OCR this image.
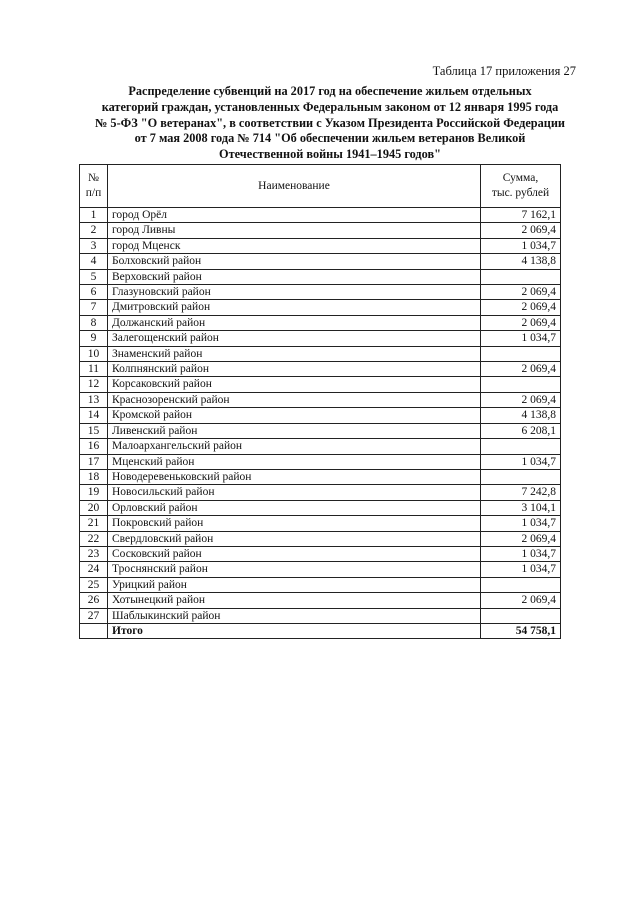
Таблица 17 приложения 27
Распределение субвенций на 2017 год на обеспечение жильем отдельных
категорий граждан, установленных Федеральным законом от 12 января 1995 года
№ 5-ФЗ "О ветеранах", в соответствии с Указом Президента Российской Федерации
от 7 мая 2008 года № 714 "Об обеспечении жильем ветеранов Великой
Отечественной войны 1941–1945 годов"
№
п/п	Наименование	Сумма,
тыс. рублей
1	город Орёл	7 162,1
2	город Ливны	2 069,4
3	город Мценск	1 034,7
4	Болховский район	4 138,8
5	Верховский район	
6	Глазуновский район	2 069,4
7	Дмитровский район	2 069,4
8	Должанский район	2 069,4
9	Залегощенский район	1 034,7
10	Знаменский район	
11	Колпнянский район	2 069,4
12	Корсаковский район	
13	Краснозоренский район	2 069,4
14	Кромской район	4 138,8
15	Ливенский район	6 208,1
16	Малоархангельский район	
17	Мценский район	1 034,7
18	Новодеревеньковский район	
19	Новосильский район	7 242,8
20	Орловский район	3 104,1
21	Покровский район	1 034,7
22	Свердловский район	2 069,4
23	Сосковский район	1 034,7
24	Троснянский район	1 034,7
25	Урицкий район	
26	Хотынецкий район	2 069,4
27	Шаблыкинский район	
	Итого	54 758,1
